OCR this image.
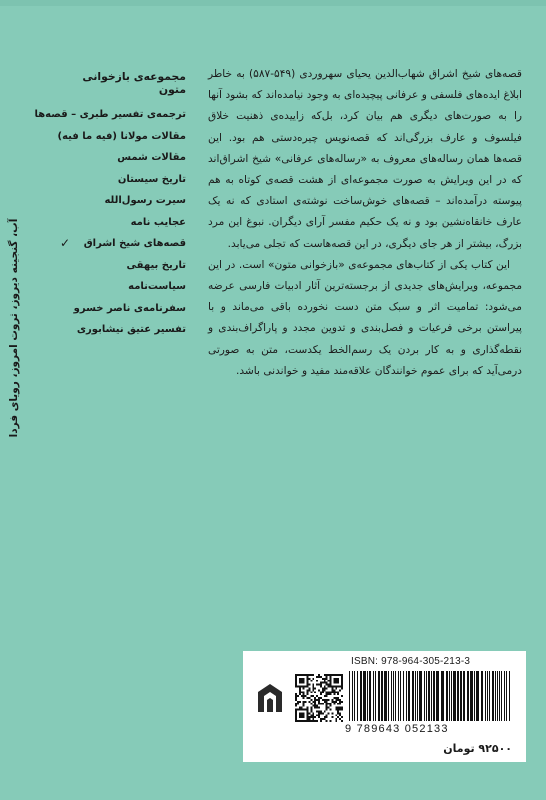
قصه‌های شیخ اشراق شهاب‌الدین یحیای سهروردی (۵۴۹-۵۸۷) به خاطر ابلاغ ایده‌های فلسفی و عرفانی پیچیده‌ای به وجود نیامده‌اند که بشود آنها را به صورت‌های دیگری هم بیان کرد، بل‌که زاییده‌ی ذهنیت خلاق فیلسوف و عارف بزرگی‌اند که قصه‌نویس چیره‌دستی هم بود. این قصه‌ها همان رساله‌های معروف به «رساله‌های عرفانی» شیخ اشراق‌اند که در این ویرایش به صورت مجموعه‌ای از هشت قصه‌ی کوتاه به هم پیوسته درآمده‌اند – قصه‌های خوش‌ساخت نوشته‌ی استادی که نه یک عارف خانقاه‌نشین بود و نه یک حکیم مفسر آرای دیگران. نبوغ این مرد بزرگ، بیشتر از هر جای دیگری، در این قصه‌هاست که تجلی می‌یابد.

این کتاب یکی از کتاب‌های مجموعه‌ی «بازخوانی متون» است. در این مجموعه، ویرایش‌های جدیدی از برجسته‌ترین آثار ادبیات فارسی عرضه می‌شود: تمامیت اثر و سبک متن دست نخورده باقی می‌ماند و با پیراستن برخی فرعیات و فصل‌بندی و تدوین مجدد و پاراگراف‌بندی و نقطه‌گذاری و به کار بردن یک رسم‌الخط یکدست، متن به صورتی درمی‌آید که برای عموم خوانندگان علاقه‌مند مفید و خواندنی باشد.

مجموعه‌ی بازخوانی متون
ترجمه‌ی تفسیر طبری – قصه‌ها
مقالات مولانا (فیه ما فیه)
مقالات شمس
تاریخ سیستان
سیرت رسول‌الله
عجایب نامه
قصه‌های شیخ اشراق
✓
تاریخ بیهقی
سیاست‌نامه
سفرنامه‌ی ناصر خسرو
تفسیر عتیق نیشابوری
آب، گنجینه دیروز، ثروت امروز، رویای فردا
ISBN: 978-964-305-213-3
9 789643 052133
۹۲۵۰۰ تومان
